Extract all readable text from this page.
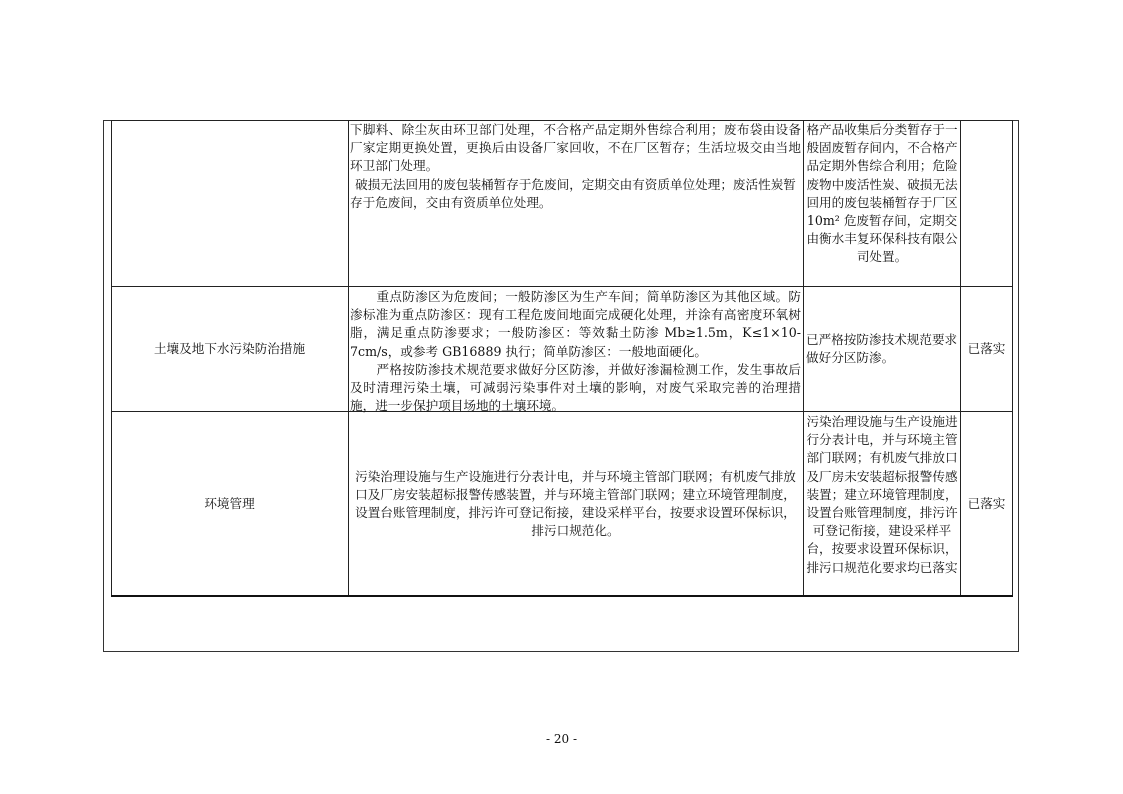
下脚料、除尘灰由环卫部门处理，不合格产品定期外售综合利用；废布袋由设备厂家定期更换处置，更换后由设备厂家回收，不在厂区暂存；生活垃圾交由当地环卫部门处理。

破损无法回用的废包装桶暂存于危废间，定期交由有资质单位处理；废活性炭暂存于危废间，交由有资质单位处理。

格产品收集后分类暂存于一般固废暂存间内，不合格产品定期外售综合利用；危险废物中废活性炭、破损无法回用的废包装桶暂存于厂区 10m² 危废暂存间，定期交由衡水丰复环保科技有限公司处置。
土壤及地下水污染防治措施

重点防渗区为危废间；一般防渗区为生产车间；简单防渗区为其他区域。防渗标准为重点防渗区：现有工程危废间地面完成硬化处理，并涂有高密度环氧树脂，满足重点防渗要求；一般防渗区：等效黏土防渗 Mb≥1.5m，K≤1×10-7cm/s，或参考 GB16889 执行；简单防渗区：一般地面硬化。

严格按防渗技术规范要求做好分区防渗，并做好渗漏检测工作，发生事故后及时清理污染土壤，可减弱污染事件对土壤的影响，对废气采取完善的治理措施，进一步保护项目场地的土壤环境。

已严格按防渗技术规范要求做好分区防渗。
已落实
环境管理

污染治理设施与生产设施进行分表计电，并与环境主管部门联网；有机废气排放口及厂房安装超标报警传感装置，并与环境主管部门联网；建立环境管理制度，设置台账管理制度，排污许可登记衔接，建设采样平台，按要求设置环保标识，排污口规范化。

污染治理设施与生产设施进行分表计电，并与环境主管部门联网；有机废气排放口及厂房未安装超标报警传感装置；建立环境管理制度，设置台账管理制度，排污许可登记衔接，建设采样平台，按要求设置环保标识，排污口规范化要求均已落实
已落实
- 20 -
